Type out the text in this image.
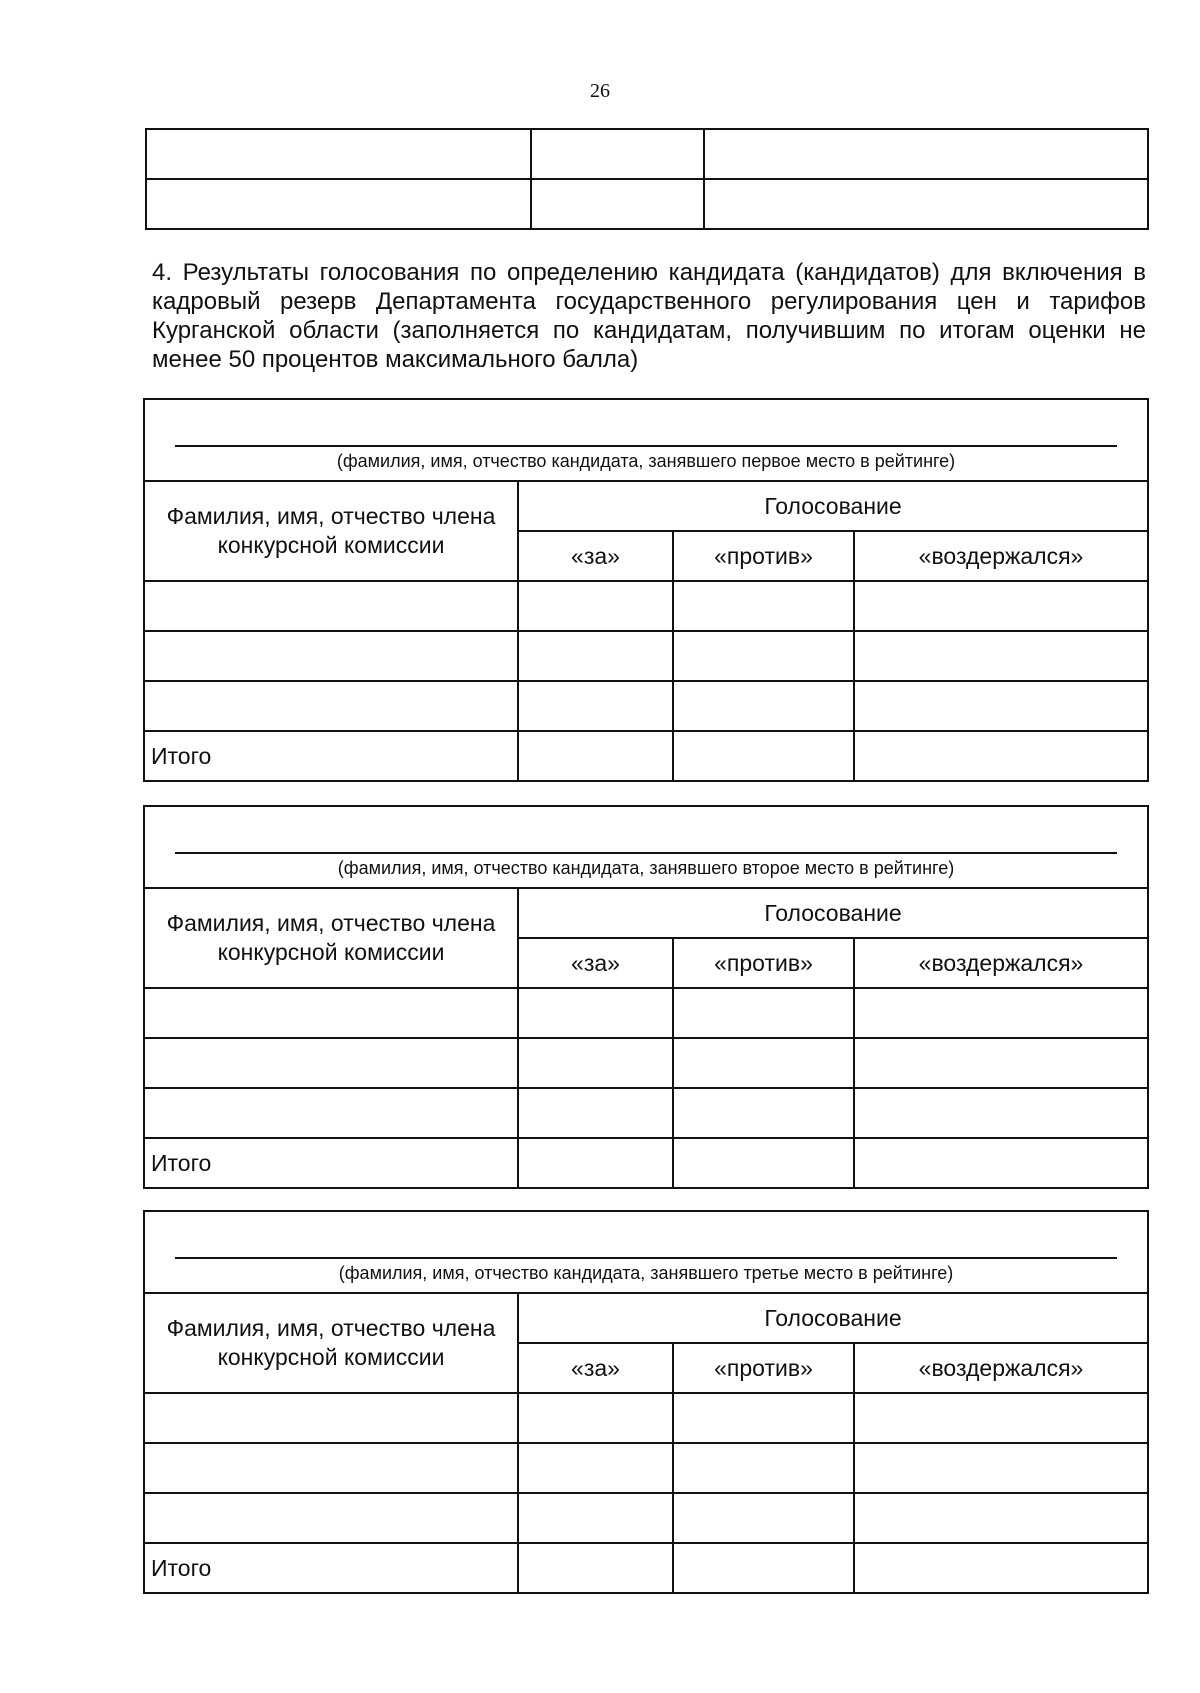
26

4. Результаты голосования по определению кандидата (кандидатов) для включения в кадровый резерв Департамента государственного регулирования цен и тарифов Курганской области (заполняется по кандидатам, получившим по итогам оценки не менее 50 процентов максимального балла)
(фамилия, имя, отчество кандидата, занявшего первое место в рейтинге)			

Фамилия, имя, отчество члена конкурсной комиссии	Голосование		
	«за»	«против»	«воздержался»

Итого			
(фамилия, имя, отчество кандидата, занявшего второе место в рейтинге)			

Фамилия, имя, отчество члена конкурсной комиссии	Голосование		
	«за»	«против»	«воздержался»

Итого			
(фамилия, имя, отчество кандидата, занявшего третье место в рейтинге)			

Фамилия, имя, отчество члена конкурсной комиссии	Голосование		
	«за»	«против»	«воздержался»

Итого			
